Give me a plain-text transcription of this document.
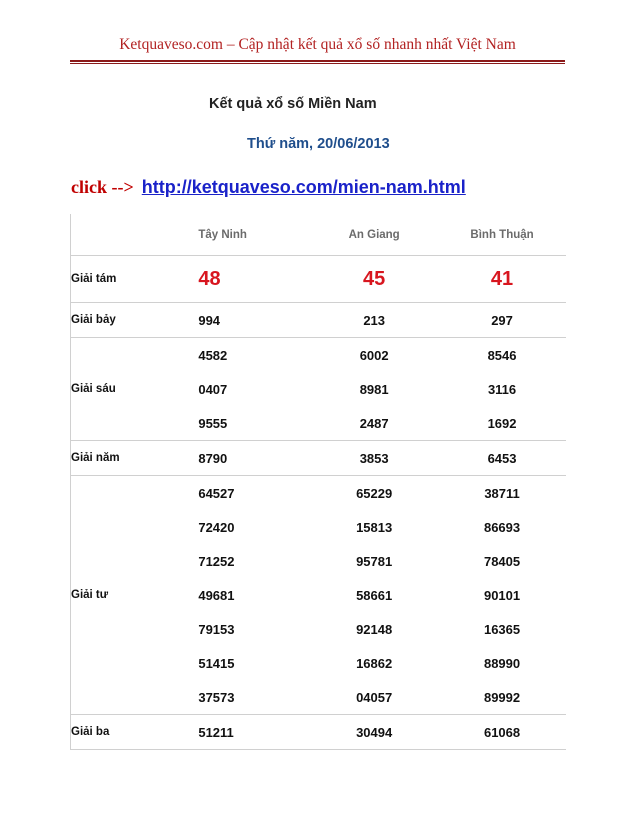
Ketquaveso.com – Cập nhật kết quả xổ số nhanh nhất Việt Nam
Kết quả xổ số Miền Nam
Thứ năm, 20/06/2013
click --> http://ketquaveso.com/mien-nam.html
	Tây Ninh	An Giang	Bình Thuận
Giải tám	48	45	41
Giải bảy	994	213	297
Giải sáu	4582	6002	8546
	0407	8981	3116
	9555	2487	1692
Giải năm	8790	3853	6453
Giải tư	64527	65229	38711
	72420	15813	86693
	71252	95781	78405
	49681	58661	90101
	79153	92148	16365
	51415	16862	88990
	37573	04057	89992
Giải ba	51211	30494	61068
